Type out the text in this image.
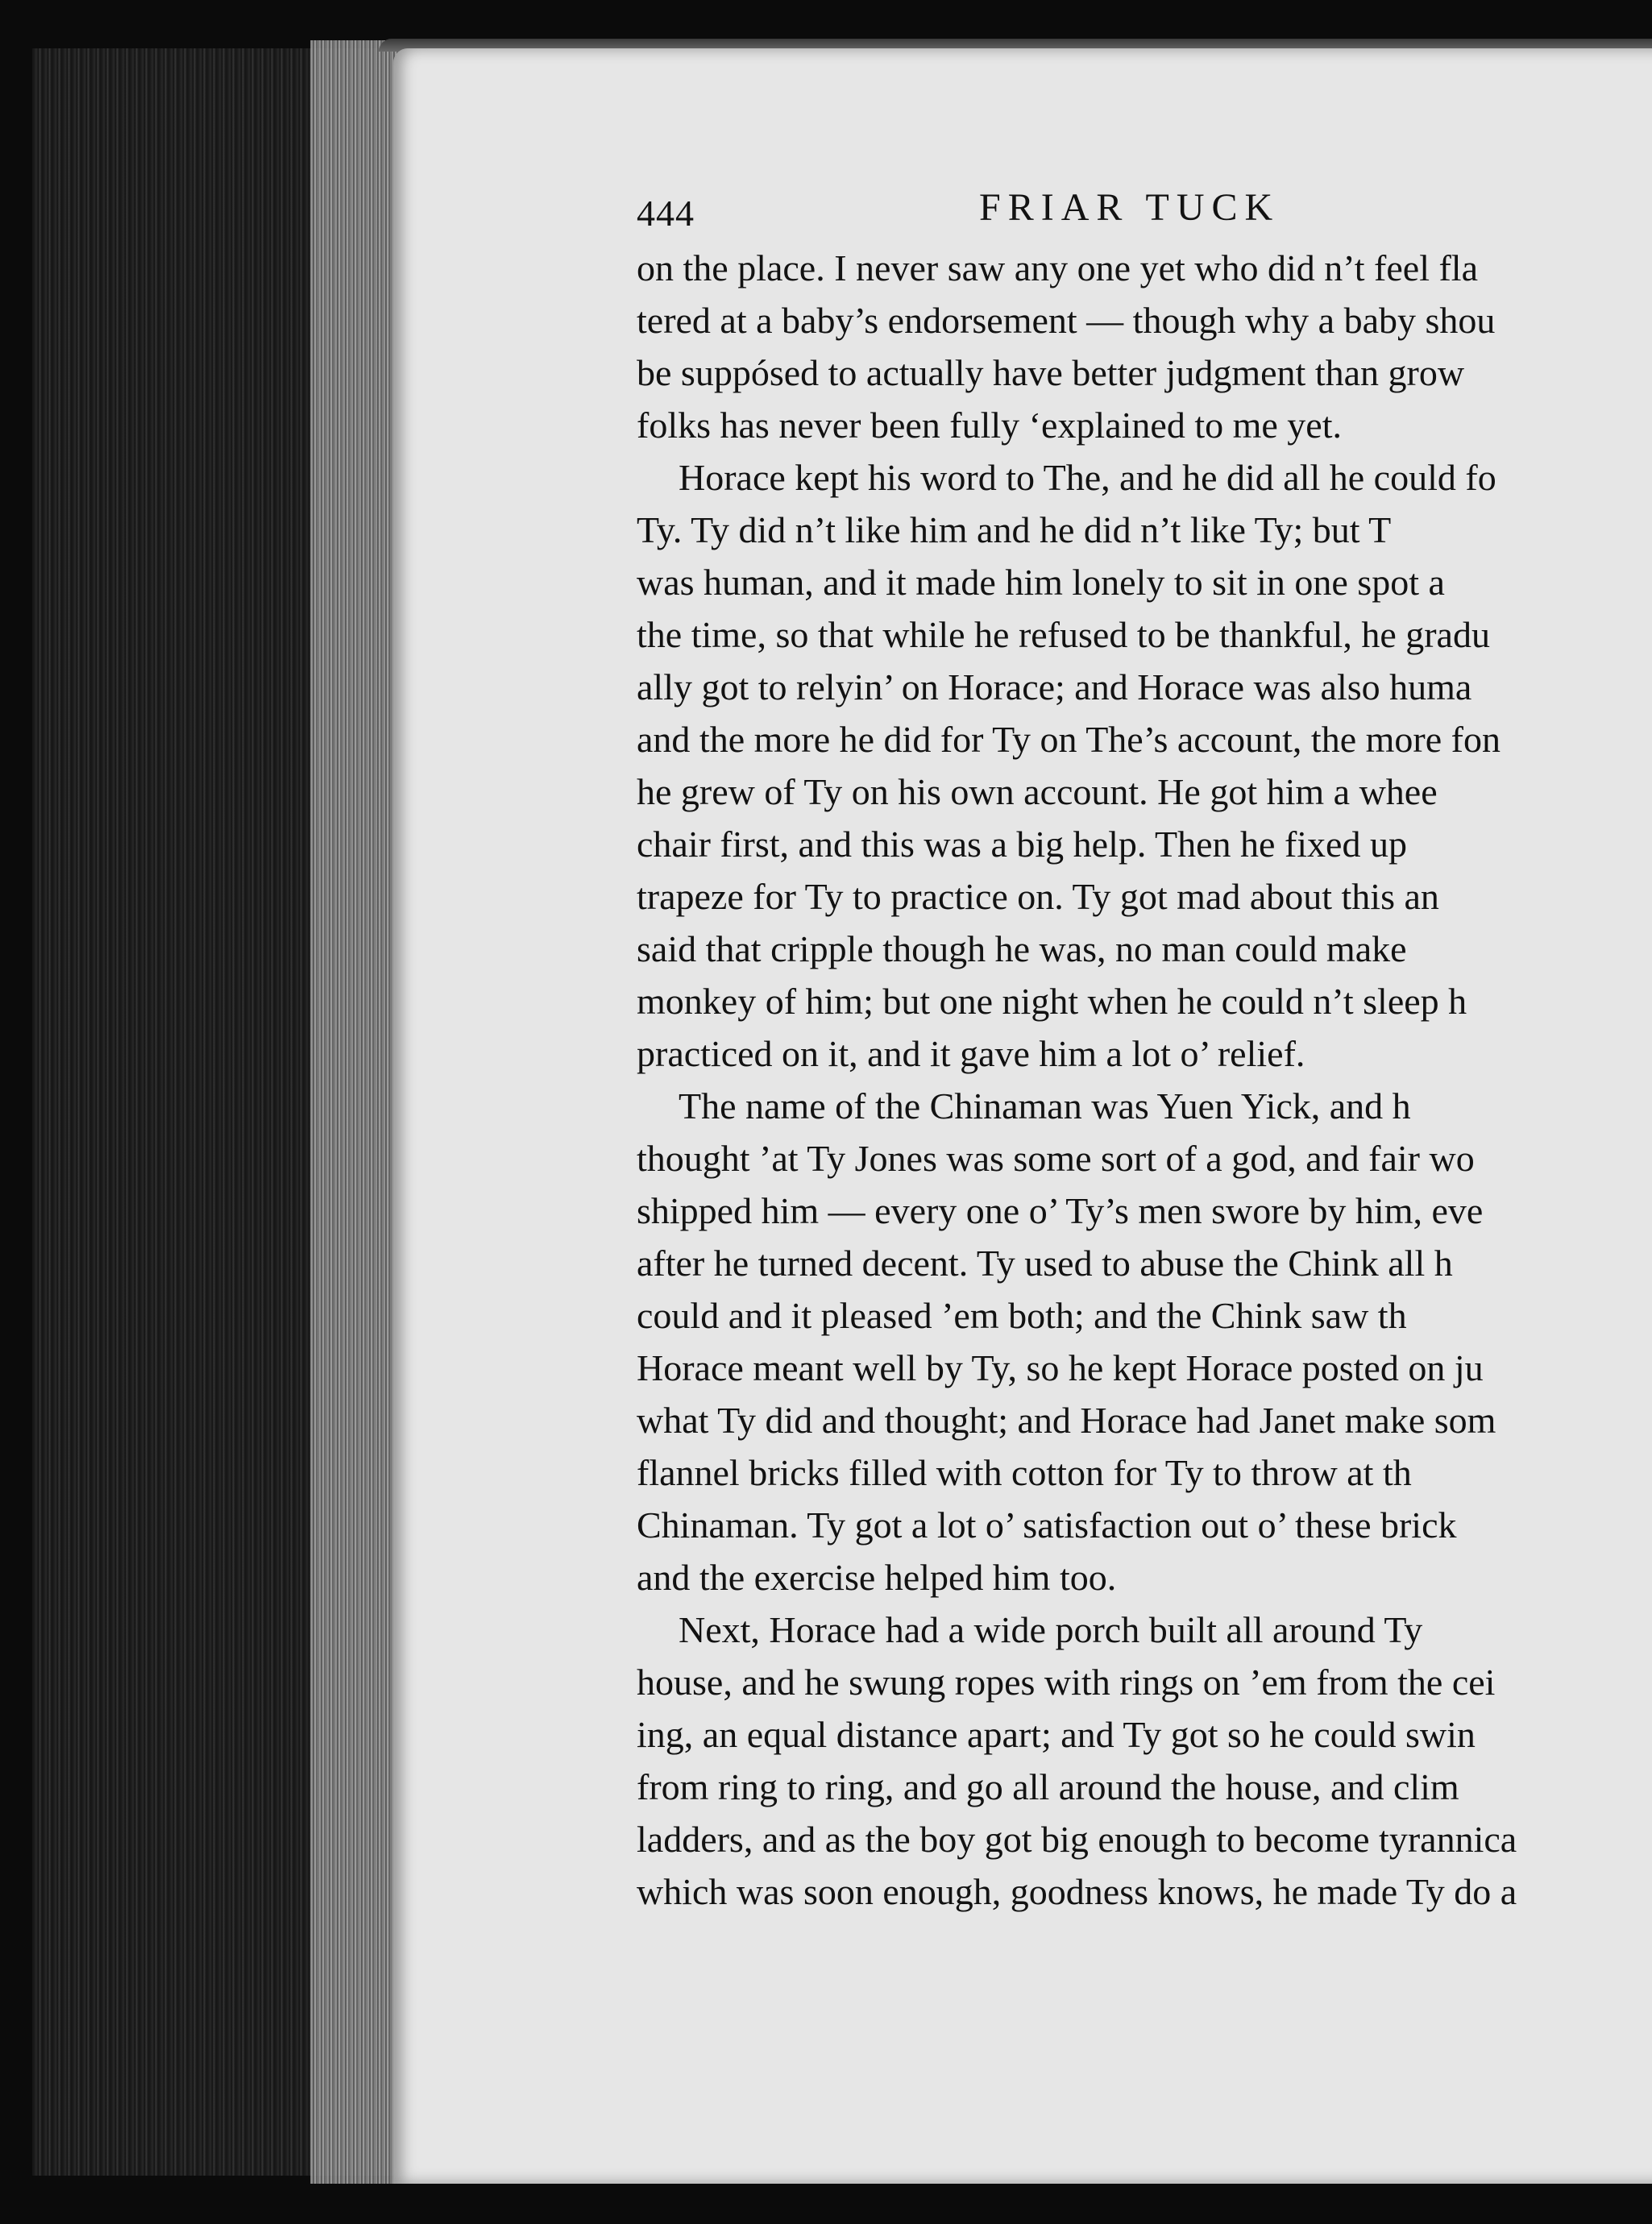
444	FRIAR TUCK
on the place. I never saw any one yet who did n’t feel fla
tered at a baby’s endorsement — though why a baby shou
be suppósed to actually have better judgment than grow
folks has never been fully ʻexplained to me yet.
Horace kept his word to The, and he did all he could fo
Ty. Ty did n’t like him and he did n’t like Ty; but T
was human, and it made him lonely to sit in one spot a
the time, so that while he refused to be thankful, he gradu
ally got to relyin’ on Horace; and Horace was also huma
and the more he did for Ty on The’s account, the more fon
he grew of Ty on his own account. He got him a whee
chair first, and this was a big help. Then he fixed up
trapeze for Ty to practice on. Ty got mad about this an
said that cripple though he was, no man could make
monkey of him; but one night when he could n’t sleep h
practiced on it, and it gave him a lot o’ relief.
The name of the Chinaman was Yuen Yick, and h
thought ’at Ty Jones was some sort of a god, and fair wo
shipped him — every one o’ Ty’s men swore by him, eve
after he turned decent. Ty used to abuse the Chink all h
could and it pleased ’em both; and the Chink saw th
Horace meant well by Ty, so he kept Horace posted on ju
what Ty did and thought; and Horace had Janet make som
flannel bricks filled with cotton for Ty to throw at th
Chinaman. Ty got a lot o’ satisfaction out o’ these brick
and the exercise helped him too.
Next, Horace had a wide porch built all around Ty
house, and he swung ropes with rings on ’em from the cei
ing, an equal distance apart; and Ty got so he could swin
from ring to ring, and go all around the house, and clim
ladders, and as the boy got big enough to become tyrannica
which was soon enough, goodness knows, he made Ty do a
